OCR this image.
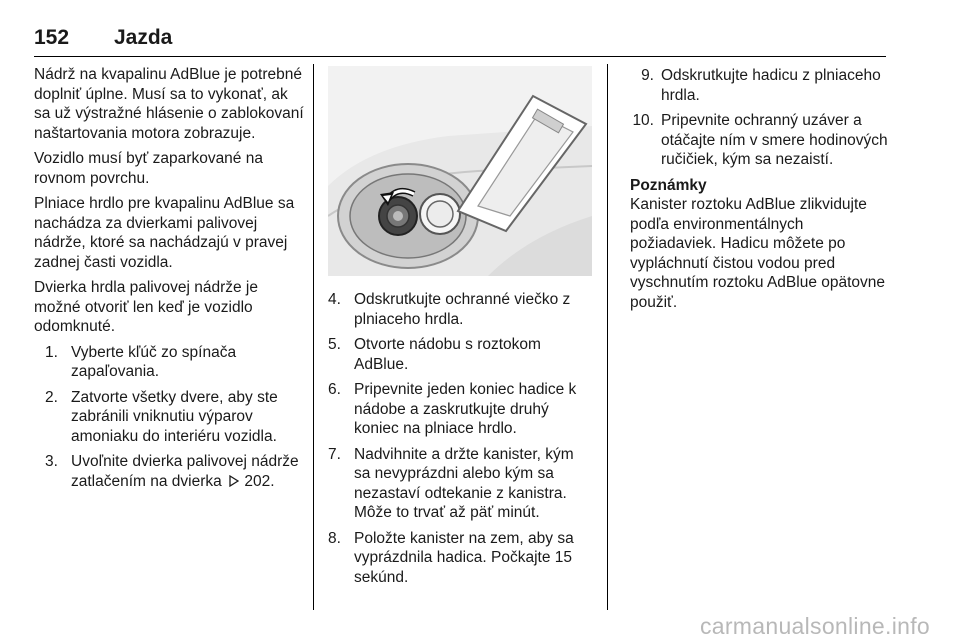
152 Jazda

Nádrž na kvapalinu AdBlue je potrebné doplniť úplne. Musí sa to vykonať, ak sa už výstražné hlásenie o zablokovaní naštartovania motora zobrazuje.

Vozidlo musí byť zaparkované na rovnom povrchu.

Plniace hrdlo pre kvapalinu AdBlue sa nachádza za dvierkami palivovej nádrže, ktoré sa nachádzajú v pravej zadnej časti vozidla.

Dvierka hrdla palivovej nádrže je možné otvoriť len keď je vozidlo odomknuté.

1. Vyberte kľúč zo spínača zapaľovania.
2. Zatvorte všetky dvere, aby ste zabránili vniknutiu výparov amoniaku do interiéru vozidla.
3. Uvoľnite dvierka palivovej nádrže zatlačením na dvierka 202.
4. Odskrutkujte ochranné viečko z plniaceho hrdla.
5. Otvorte nádobu s roztokom AdBlue.
6. Pripevnite jeden koniec hadice k nádobe a zaskrutkujte druhý koniec na plniace hrdlo.
7. Nadvihnite a držte kanister, kým sa nevyprázdni alebo kým sa nezastaví odtekanie z kanistra. Môže to trvať až päť minút.
8. Položte kanister na zem, aby sa vyprázdnila hadica. Počkajte 15 sekúnd.
9. Odskrutkujte hadicu z plniaceho hrdla.
10. Pripevnite ochranný uzáver a otáčajte ním v smere hodinových ručičiek, kým sa nezaistí.
Poznámky
Kanister roztoku AdBlue zlikvidujte podľa environmentálnych požiadaviek. Hadicu môžete po vypláchnutí čistou vodou pred vyschnutím roztoku AdBlue opätovne použiť.
carmanualsonline.info
